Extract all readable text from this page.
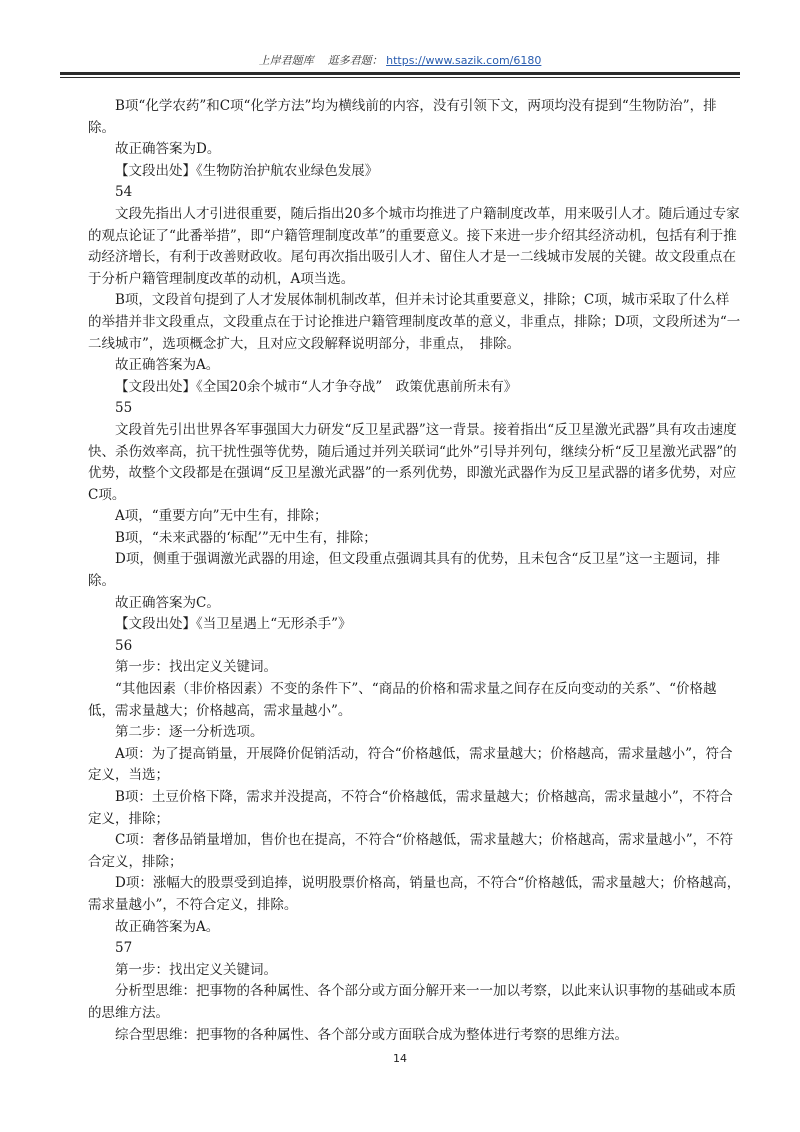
上岸君题库 逛多君题： https://www.sazik.com/6180

B项“化学农药”和C项“化学方法”均为横线前的内容，没有引领下文，两项均没有提到“生物防治”，排除。

故正确答案为D。

【文段出处】《生物防治护航农业绿色发展》

54

文段先指出人才引进很重要，随后指出20多个城市均推进了户籍制度改革，用来吸引人才。随后通过专家的观点论证了“此番举措”，即“户籍管理制度改革”的重要意义。接下来进一步介绍其经济动机，包括有利于推动经济增长，有利于改善财政收。尾句再次指出吸引人才、留住人才是一二线城市发展的关键。故文段重点在于分析户籍管理制度改革的动机，A项当选。

B项，文段首句提到了人才发展体制机制改革，但并未讨论其重要意义，排除；C项，城市采取了什么样的举措并非文段重点，文段重点在于讨论推进户籍管理制度改革的意义，非重点，排除；D项，文段所述为“一二线城市”，选项概念扩大，且对应文段解释说明部分，非重点，　排除。

故正确答案为A。

【文段出处】《全国20余个城市“人才争夺战”　政策优惠前所未有》

55

文段首先引出世界各军事强国大力研发“反卫星武器”这一背景。接着指出“反卫星激光武器”具有攻击速度快、杀伤效率高，抗干扰性强等优势，随后通过并列关联词“此外”引导并列句，继续分析“反卫星激光武器”的优势，故整个文段都是在强调“反卫星激光武器”的一系列优势，即激光武器作为反卫星武器的诸多优势，对应C项。

A项，“重要方向”无中生有，排除；

B项，“未来武器的‘标配’”无中生有，排除；

D项，侧重于强调激光武器的用途，但文段重点强调其具有的优势，且未包含“反卫星”这一主题词，排除。

故正确答案为C。

【文段出处】《当卫星遇上“无形杀手”》

56

第一步：找出定义关键词。

“其他因素（非价格因素）不变的条件下”、“商品的价格和需求量之间存在反向变动的关系”、“价格越低，需求量越大；价格越高，需求量越小”。

第二步：逐一分析选项。

A项：为了提高销量，开展降价促销活动，符合“价格越低，需求量越大；价格越高，需求量越小”，符合定义，当选；

B项：土豆价格下降，需求并没提高，不符合“价格越低，需求量越大；价格越高，需求量越小”，不符合定义，排除；

C项：奢侈品销量增加，售价也在提高，不符合“价格越低，需求量越大；价格越高，需求量越小”，不符合定义，排除；

D项：涨幅大的股票受到追捧，说明股票价格高，销量也高，不符合“价格越低，需求量越大；价格越高，需求量越小”，不符合定义，排除。

故正确答案为A。

57

第一步：找出定义关键词。

分析型思维：把事物的各种属性、各个部分或方面分解开来一一加以考察，以此来认识事物的基础或本质的思维方法。

综合型思维：把事物的各种属性、各个部分或方面联合成为整体进行考察的思维方法。

14
